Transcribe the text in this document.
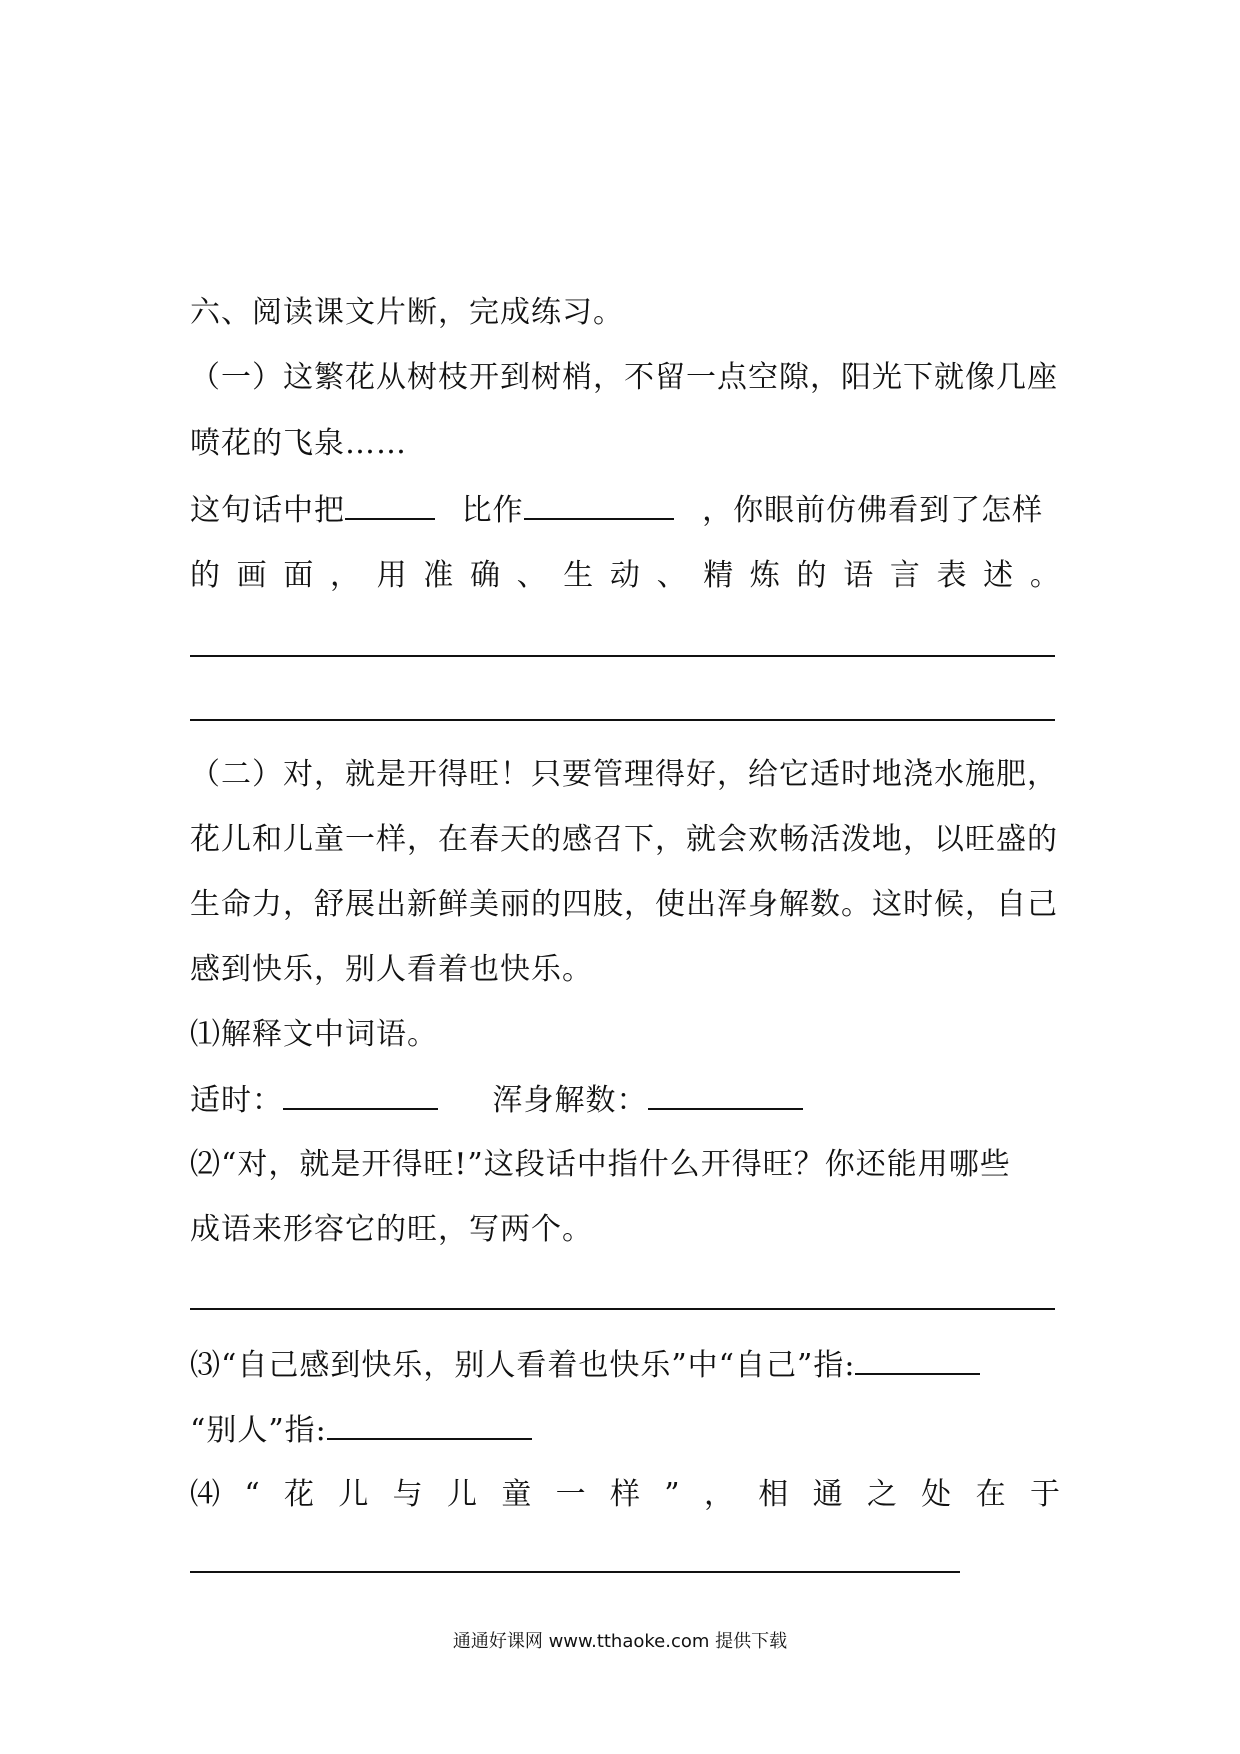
六、阅读课文片断，完成练习。
（一）这繁花从树枝开到树梢，不留一点空隙，阳光下就像几座
喷花的飞泉……
这句话中把	比作	，你眼前仿佛看到了怎样
的 画 面 ， 用 准 确 、 生 动 、 精 炼 的 语 言 表 述 。
（二）对，就是开得旺！只要管理得好，给它适时地浇水施肥，
花儿和儿童一样，在春天的感召下，就会欢畅活泼地，以旺盛的
生命力，舒展出新鲜美丽的四肢，使出浑身解数。这时候，自己
感到快乐，别人看着也快乐。
⑴解释文中词语。
适时：	浑身解数：
⑵“对，就是开得旺!”这段话中指什么开得旺？你还能用哪些
成语来形容它的旺，写两个。
⑶“自己感到快乐，别人看着也快乐”中“自己”指:
“别人”指:
⑷ “ 花 儿 与 儿 童 一 样 ” ， 相 通 之 处 在 于
通通好课网 www.tthaoke.com 提供下载
